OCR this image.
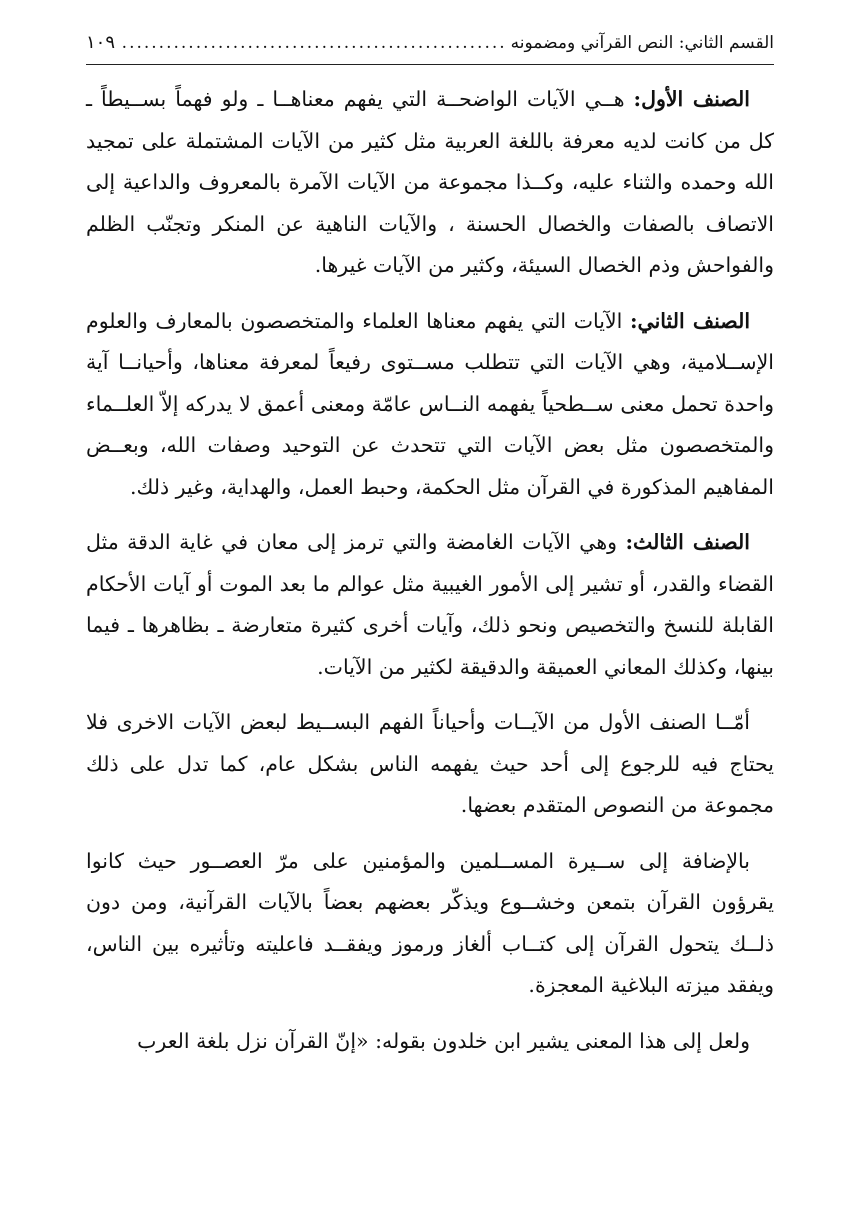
القسم الثاني: النص القرآني ومضمونه
.....
١٠٩

الصنف الأول: هــي الآيات الواضحــة التي يفهم معناهــا ـ ولو فهماً بســيطاً ـ كل من كانت لديه معرفة باللغة العربية مثل كثير من الآيات المشتملة على تمجيد الله وحمده والثناء عليه، وكــذا مجموعة من الآيات الآمرة بالمعروف والداعية إلى الاتصاف بالصفات والخصال الحسنة ، والآيات الناهية عن المنكر وتجنّب الظلم والفواحش وذم الخصال السيئة، وكثير من الآيات غيرها.

الصنف الثاني: الآيات التي يفهم معناها العلماء والمتخصصون بالمعارف والعلوم الإســلامية، وهي الآيات التي تتطلب مســتوى رفيعاً لمعرفة معناها، وأحيانــا آية واحدة تحمل معنى ســطحياً يفهمه النــاس عامّة ومعنى أعمق لا يدركه إلاّ العلــماء والمتخصصون مثل بعض الآيات التي تتحدث عن التوحيد وصفات الله، وبعــض المفاهيم المذكورة في القرآن مثل الحكمة، وحبط العمل، والهداية، وغير ذلك.

الصنف الثالث: وهي الآيات الغامضة والتي ترمز إلى معان في غاية الدقة مثل القضاء والقدر، أو تشير إلى الأمور الغيبية مثل عوالم ما بعد الموت أو آيات الأحكام القابلة للنسخ والتخصيص ونحو ذلك، وآيات أخرى كثيرة متعارضة ـ بظاهرها ـ فيما بينها، وكذلك المعاني العميقة والدقيقة لكثير من الآيات.

أمّــا الصنف الأول من الآيــات وأحياناً الفهم البســيط لبعض الآيات الاخرى فلا يحتاج فيه للرجوع إلى أحد حيث يفهمه الناس بشكل عام، كما تدل على ذلك مجموعة من النصوص المتقدم بعضها.

بالإضافة إلى ســيرة المســلمين والمؤمنين على مرّ العصــور حيث كانوا يقرؤون القرآن بتمعن وخشــوع ويذكّر بعضهم بعضاً بالآيات القرآنية، ومن دون ذلــك يتحول القرآن إلى كتــاب ألغاز ورموز ويفقــد فاعليته وتأثيره بين الناس، ويفقد ميزته البلاغية المعجزة.

ولعل إلى هذا المعنى يشير ابن خلدون بقوله: «إنّ القرآن نزل بلغة العرب
